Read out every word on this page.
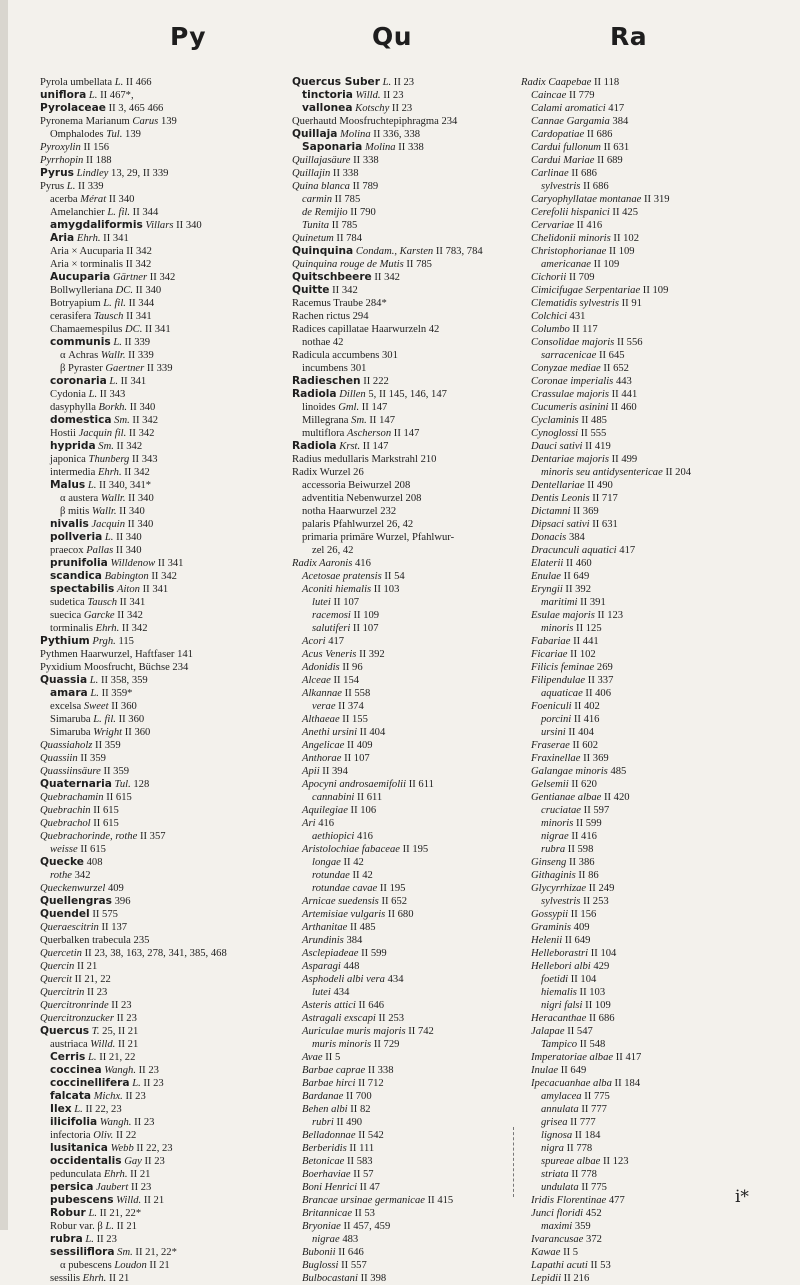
Py	Qu	Ra
Pyrola umbellata L. II 466
uniflora L. II 467*,
Pyrolaceae II 3, 465 466
Pyronema Marianum Carus 139
Omphalodes Tul. 139
Pyroxylin II 156
Pyrrhopin II 188
Pyrus Lindley 13, 29, II 339
Pyrus L. II 339
acerba Mérat II 340
Amelanchier L. fil. II 344
amygdaliformis Villars II 340
Aria Ehrh. II 341
Aria × Aucuparia II 342
Aria × torminalis II 342
Aucuparia Gärtner II 342
Bollwylleriana DC. II 340
Botryapium L. fil. II 344
cerasifera Tausch II 341
Chamaemespilus DC. II 341
communis L. II 339
α Achras Wallr. II 339
β Pyraster Gaertner II 339
coronaria L. II 341
Cydonia L. II 343
dasyphylla Borkh. II 340
domestica Sm. II 342
Hostii Jacquin fil. II 342
hyprida Sm. II 342
japonica Thunberg II 343
intermedia Ehrh. II 342
Malus L. II 340, 341*
α austera Wallr. II 340
β mitis Wallr. II 340
nivalis Jacquin II 340
pollveria L. II 340
praecox Pallas II 340
prunifolia Willdenow II 341
scandica Babington II 342
spectabilis Aiton II 341
sudetica Tausch II 341
suecica Garcke II 342
torminalis Ehrh. II 342
Pythium Prgh. 115
Pythmen Haarwurzel, Haftfaser 141
Pyxidium Moosfrucht, Büchse 234
Quassia L. II 358, 359
amara L. II 359*
excelsa Sweet II 360
Simaruba L. fil. II 360
Simaruba Wright II 360
Quassiaholz II 359
Quassiin II 359
Quassiinsäure II 359
Quaternaria Tul. 128
Quebrachamin II 615
Quebrachin II 615
Quebrachol II 615
Quebrachorinde, rothe II 357
weisse II 615
Quecke 408
rothe 342
Queckenwurzel 409
Quellengras 396
Quendel II 575
Queraescitrin II 137
Querbalken trabecula 235
Quercetin II 23, 38, 163, 278, 341, 385, 468
Quercin II 21
Quercit II 21, 22
Quercitrin II 23
Quercitronrinde II 23
Quercitronzucker II 23
Quercus T. 25, II 21
austriaca Willd. II 21
Cerris L. II 21, 22
coccinea Wangh. II 23
coccinellifera L. II 23
falcata Michx. II 23
Ilex L. II 22, 23
ilicifolia Wangh. II 23
infectoria Oliv. II 22
lusitanica Webb II 22, 23
occidentalis Gay II 23
pedunculata Ehrh. II 21
persica Jaubert II 23
pubescens Willd. II 21
Robur L. II 21, 22*
Robur var. β L. II 21
rubra L. II 23
sessiliflora Sm. II 21, 22*
α pubescens Loudon II 21
sessilis Ehrh. II 21
Quercus Suber L. II 23
tinctoria Willd. II 23
vallonea Kotschy II 23
Querhautd Moosfruchtepiphragma 234
Quillaja Molina II 336, 338
Saponaria Molina II 338
Quillajasäure II 338
Quillajin II 338
Quina blanca II 789
carmin II 785
de Remijio II 790
Tunita II 785
Quinetum II 784
Quinquina Condam., Karsten II 783, 784
Quinquina rouge de Mutis II 785
Quitschbeere II 342
Quitte II 342
Racemus Traube 284*
Rachen rictus 294
Radices capillatae Haarwurzeln 42
nothae 42
Radicula accumbens 301
incumbens 301
Radieschen II 222
Radiola Dillen 5, II 145, 146, 147
linoides Gml. II 147
Millegrana Sm. II 147
multiflora Ascherson II 147
Radiola Krst. II 147
Radius medullaris Markstrahl 210
Radix Wurzel 26
accessoria Beiwurzel 208
adventitia Nebenwurzel 208
notha Haarwurzel 232
palaris Pfahlwurzel 26, 42
primaria primäre Wurzel, Pfahlwur-
zel 26, 42
Radix Aaronis 416
Acetosae pratensis II 54
Aconiti hiemalis II 103
lutei II 107
racemosi II 109
salutiferi II 107
Acori 417
Acus Veneris II 392
Adonidis II 96
Alceae II 154
Alkannae II 558
verae II 374
Althaeae II 155
Anethi ursini II 404
Angelicae II 409
Anthorae II 107
Apii II 394
Apocyni androsaemifolii II 611
cannabini II 611
Aquilegiae II 106
Ari 416
aethiopici 416
Aristolochiae fabaceae II 195
longae II 42
rotundae II 42
rotundae cavae II 195
Arnicae suedensis II 652
Artemisiae vulgaris II 680
Arthanitae II 485
Arundinis 384
Asclepiadeae II 599
Asparagi 448
Asphodeli albi vera 434
lutei 434
Asteris attici II 646
Astragali exscapi II 253
Auriculae muris majoris II 742
muris minoris II 729
Avae II 5
Barbae caprae II 338
Barbae hirci II 712
Bardanae II 700
Behen albi II 82
rubri II 490
Belladonnae II 542
Berberidis II 111
Betonicae II 583
Boerhaviae II 57
Boni Henrici II 47
Brancae ursinae germanicae II 415
Britannicae II 53
Bryoniae II 457, 459
nigrae 483
Bubonii II 646
Buglossi II 557
Bulbocastani II 398
Radix Caapebae II 118
Caincae II 779
Calami aromatici 417
Cannae Gargamia 384
Cardopatiae II 686
Cardui fullonum II 631
Cardui Mariae II 689
Carlinae II 686
sylvestris II 686
Caryophyllatae montanae II 319
Cerefolii hispanici II 425
Cervariae II 416
Chelidonii minoris II 102
Christophorianae II 109
americanae II 109
Cichorii II 709
Cimicifugae Serpentariae II 109
Clematidis sylvestris II 91
Colchici 431
Columbo II 117
Consolidae majoris II 556
sarracenicae II 645
Conyzae mediae II 652
Coronae imperialis 443
Crassulae majoris II 441
Cucumeris asinini II 460
Cyclaminis II 485
Cynoglossi II 555
Dauci sativi II 419
Dentariae majoris II 499
minoris seu antidysentericae II 204
Dentellariae II 490
Dentis Leonis II 717
Dictamni II 369
Dipsaci sativi II 631
Donacis 384
Dracunculi aquatici 417
Elaterii II 460
Enulae II 649
Eryngii II 392
maritimi II 391
Esulae majoris II 123
minoris II 125
Fabariae II 441
Ficariae II 102
Filicis feminae 269
Filipendulae II 337
aquaticae II 406
Foeniculi II 402
porcini II 416
ursini II 404
Fraserae II 602
Fraxinellae II 369
Galangae minoris 485
Gelsemii II 620
Gentianae albae II 420
cruciatae II 597
minoris II 599
nigrae II 416
rubra II 598
Ginseng II 386
Githaginis II 86
Glycyrrhizae II 249
sylvestris II 253
Gossypii II 156
Graminis 409
Helenii II 649
Helleborastri II 104
Hellebori albi 429
foetidi II 104
hiemalis II 103
nigri falsi II 109
Heracanthae II 686
Jalapae II 547
Tampico II 548
Imperatoriae albae II 417
Inulae II 649
Ipecacuanhae alba II 184
amylacea II 775
annulata II 777
grisea II 777
lignosa II 184
nigra II 778
spureae albae II 123
striata II 778
undulata II 775
Iridis Florentinae 477
Junci floridi 452
maximi 359
Ivarancusae 372
Kawae II 5
Lapathi acuti II 53
Lepidii II 216
i*
